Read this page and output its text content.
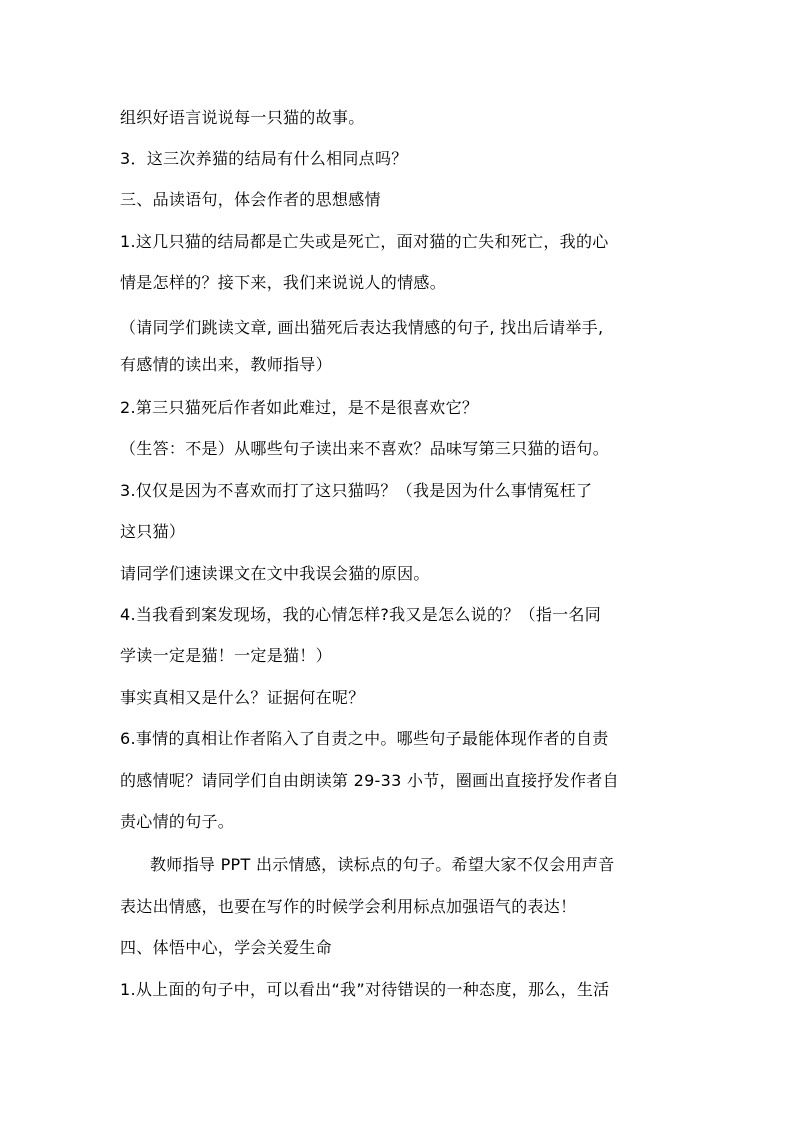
组织好语言说说每一只猫的故事。
3．这三次养猫的结局有什么相同点吗？
三、品读语句，体会作者的思想感情
1.这几只猫的结局都是亡失或是死亡，面对猫的亡失和死亡，我的心
情是怎样的？接下来，我们来说说人的情感。
（请同学们跳读文章, 画出猫死后表达我情感的句子, 找出后请举手,
有感情的读出来，教师指导）
2.第三只猫死后作者如此难过，是不是很喜欢它？
（生答：不是）从哪些句子读出来不喜欢？品味写第三只猫的语句。
3.仅仅是因为不喜欢而打了这只猫吗？（我是因为什么事情冤枉了
这只猫）
请同学们速读课文在文中我误会猫的原因。
4.当我看到案发现场，我的心情怎样?我又是怎么说的？（指一名同
学读一定是猫！一定是猫！）
事实真相又是什么？证据何在呢？
6.事情的真相让作者陷入了自责之中。哪些句子最能体现作者的自责
的感情呢？请同学们自由朗读第 29-33 小节，圈画出直接抒发作者自
责心情的句子。
教师指导 PPT 出示情感，读标点的句子。希望大家不仅会用声音
表达出情感，也要在写作的时候学会利用标点加强语气的表达！
四、体悟中心，学会关爱生命
1.从上面的句子中，可以看出“我”对待错误的一种态度，那么，生活
